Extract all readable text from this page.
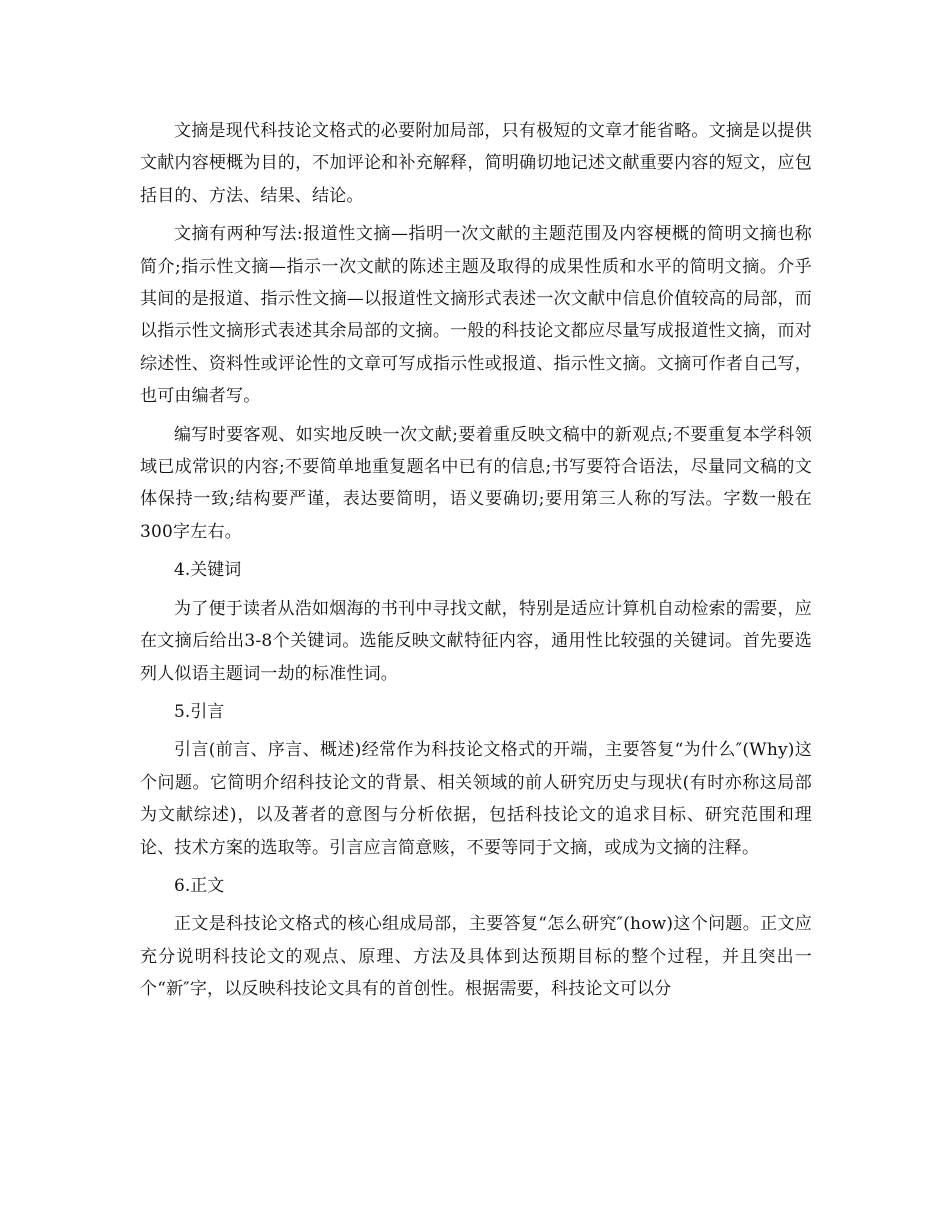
文摘是现代科技论文格式的必要附加局部，只有极短的文章才能省略。文摘是以提供文献内容梗概为目的，不加评论和补充解释，简明确切地记述文献重要内容的短文，应包括目的、方法、结果、结论。

文摘有两种写法:报道性文摘—指明一次文献的主题范围及内容梗概的简明文摘也称简介;指示性文摘—指示一次文献的陈述主题及取得的成果性质和水平的简明文摘。介乎其间的是报道、指示性文摘—以报道性文摘形式表述一次文献中信息价值较高的局部，而以指示性文摘形式表述其余局部的文摘。一般的科技论文都应尽量写成报道性文摘，而对综述性、资料性或评论性的文章可写成指示性或报道、指示性文摘。文摘可作者自己写，也可由编者写。

编写时要客观、如实地反映一次文献;要着重反映文稿中的新观点;不要重复本学科领域已成常识的内容;不要简单地重复题名中已有的信息;书写要符合语法，尽量同文稿的文体保持一致;结构要严谨，表达要简明，语义要确切;要用第三人称的写法。字数一般在300字左右。

4.关键词

为了便于读者从浩如烟海的书刊中寻找文献，特别是适应计算机自动检索的需要，应在文摘后给出3-8个关键词。选能反映文献特征内容，通用性比较强的关键词。首先要选列人似语主题词一劫的标准性词。

5.引言

引言(前言、序言、概述)经常作为科技论文格式的开端，主要答复“为什么″(Why)这个问题。它简明介绍科技论文的背景、相关领域的前人研究历史与现状(有时亦称这局部为文献综述)，以及著者的意图与分析依据，包括科技论文的追求目标、研究范围和理论、技术方案的选取等。引言应言简意赅，不要等同于文摘，或成为文摘的注释。

6.正文

正文是科技论文格式的核心组成局部，主要答复“怎么研究″(how)这个问题。正文应充分说明科技论文的观点、原理、方法及具体到达预期目标的整个过程，并且突出一个“新″字，以反映科技论文具有的首创性。根据需要，科技论文可以分
